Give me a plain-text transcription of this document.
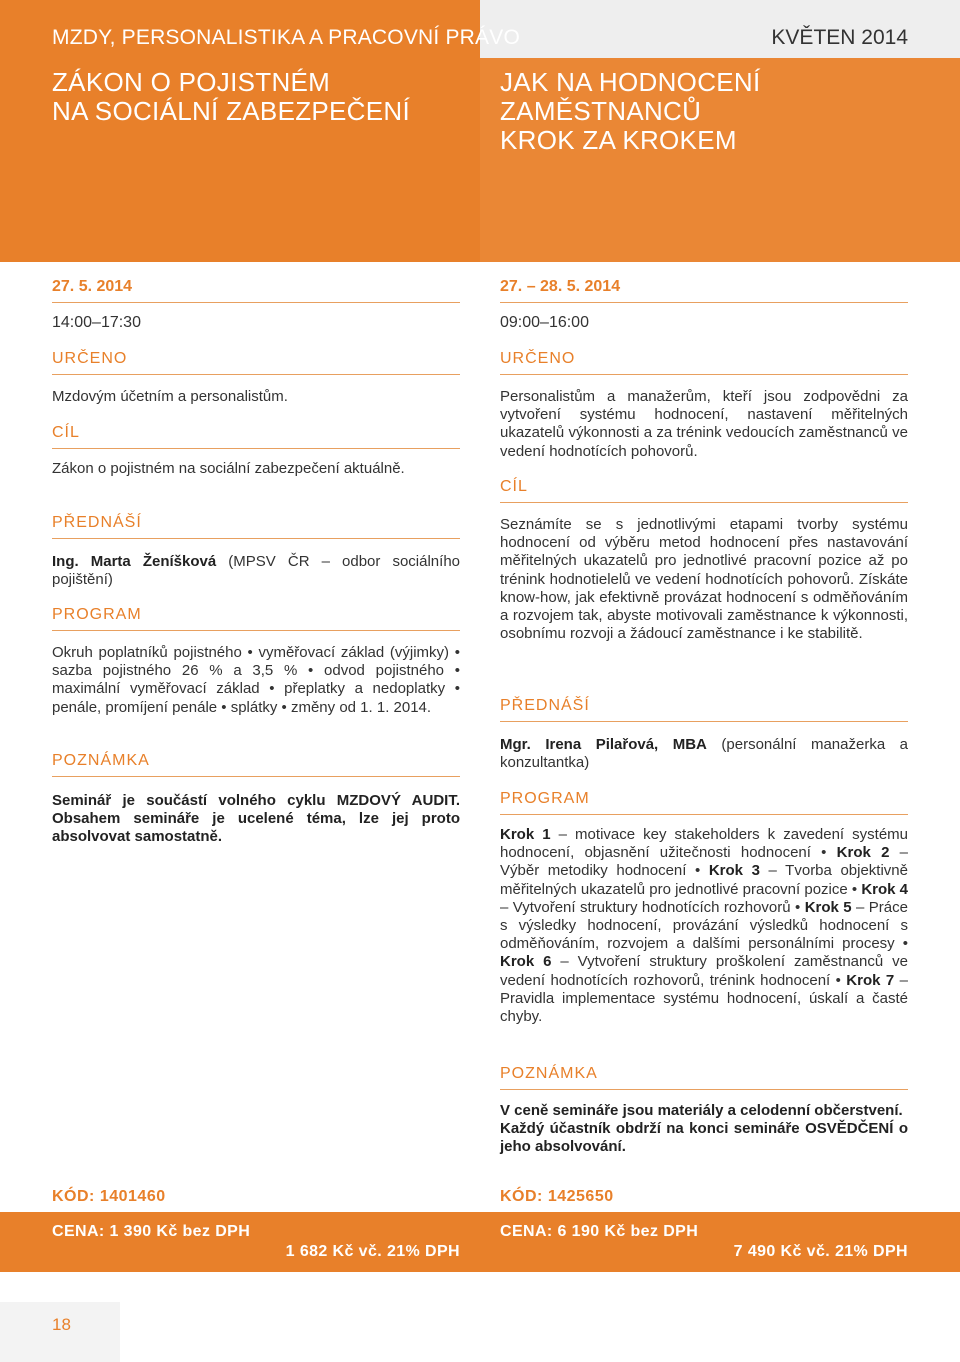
MZDY, PERSONALISTIKA A PRACOVNÍ PRÁVO	KVĚTEN 2014
ZÁKON O POJISTNÉM
NA SOCIÁLNÍ ZABEZPEČENÍ
JAK NA HODNOCENÍ
ZAMĚSTNANCŮ
KROK ZA KROKEM
27. 5. 2014
14:00–17:30
URČENO
Mzdovým účetním a personalistům.
CÍL
Zákon o pojistném na sociální zabezpečení aktuálně.
PŘEDNÁŠÍ
Ing. Marta Ženíšková (MPSV ČR – odbor sociálního pojištění)
PROGRAM
Okruh poplatníků pojistného • vyměřovací základ (výjimky) • sazba pojistného 26 % a 3,5 % • odvod pojistného • maximální vyměřovací základ • přeplatky a nedoplatky • penále, promíjení penále • splátky • změny od 1. 1. 2014.
POZNÁMKA
Seminář je součástí volného cyklu MZDOVÝ AUDIT. Obsahem semináře je ucelené téma, lze jej proto absolvovat samostatně.
KÓD: 1401460
27. – 28. 5. 2014
09:00–16:00
URČENO
Personalistům a manažerům, kteří jsou zodpovědni za vytvoření systému hodnocení, nastavení měřitelných ukazatelů výkonnosti a za trénink vedoucích zaměstnanců ve vedení hodnotících pohovorů.
CÍL
Seznámíte se s jednotlivými etapami tvorby systému hodnocení od výběru metod hodnocení přes nastavování měřitelných ukazatelů pro jednotlivé pracovní pozice až po trénink hodnotielelů ve vedení hodnotících pohovorů. Získáte know-how, jak efektivně provázat hodnocení s odměňováním a rozvojem tak, abyste motivovali zaměstnance k výkonnosti, osobnímu rozvoji a žádoucí zaměstnance i ke stabilitě.
PŘEDNÁŠÍ
Mgr. Irena Pilařová, MBA (personální manažerka a konzultantka)
PROGRAM
Krok 1 – motivace key stakeholders k zavedení systému hodnocení, objasnění užitečnosti hodnocení • Krok 2 – Výběr metodiky hodnocení • Krok 3 – Tvorba objektivně měřitelných ukazatelů pro jednotlivé pracovní pozice • Krok 4 – Vytvoření struktury hodnotících rozhovorů • Krok 5 – Práce s výsledky hodnocení, provázání výsledků hodnocení s odměňováním, rozvojem a dalšími personálními procesy • Krok 6 – Vytvoření struktury proškolení zaměstnanců ve vedení hodnotících rozhovorů, trénink hodnocení • Krok 7 – Pravidla implementace systému hodnocení, úskalí a časté chyby.
POZNÁMKA
V ceně semináře jsou materiály a celodenní občerstvení.
Každý účastník obdrží na konci semináře OSVĚDČENÍ o jeho absolvování.
KÓD: 1425650
CENA: 1 390 Kč bez DPH
1 682 Kč vč. 21% DPH
CENA: 6 190 Kč bez DPH
7 490 Kč vč. 21% DPH
18
